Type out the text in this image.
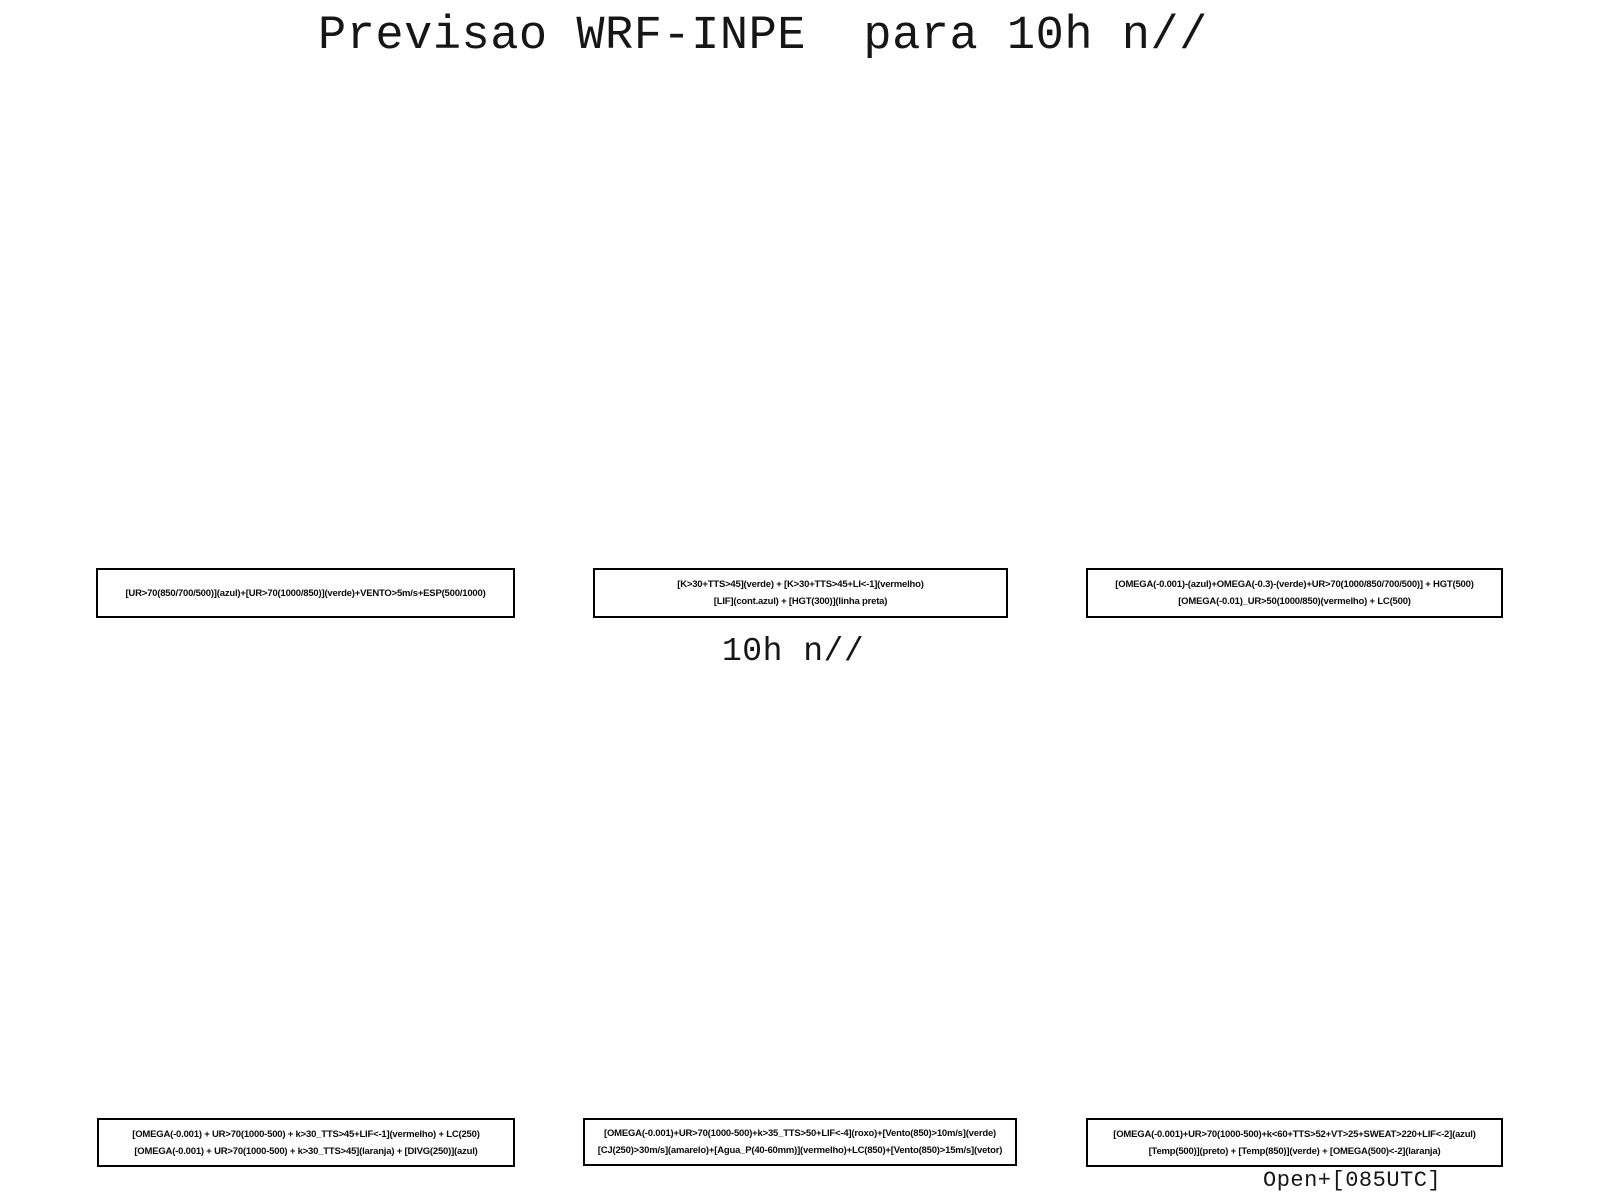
Previsao WRF-INPE  para 10h n//
[UR>70(850/700/500)](azul)+[UR>70(1000/850)](verde)+VENTO>5m/s+ESP(500/1000)
[K>30+TTS>45](verde) + [K>30+TTS>45+LI<-1](vermelho)
[LIF](cont.azul) + [HGT(300)](linha preta)
[OMEGA(-0.001)-(azul)+OMEGA(-0.3)-(verde)+UR>70(1000/850/700/500)] + HGT(500)
[OMEGA(-0.01)_UR>50(1000/850)(vermelho) + LC(500)
10h n//
[OMEGA(-0.001) + UR>70(1000-500) + k>30_TTS>45+LIF<-1](vermelho) + LC(250)
[OMEGA(-0.001) + UR>70(1000-500) + k>30_TTS>45](laranja) + [DIVG(250)](azul)
[OMEGA(-0.001)+UR>70(1000-500)+k>35_TTS>50+LIF<-4](roxo)+[Vento(850)>10m/s](verde)
[CJ(250)>30m/s](amarelo)+[Agua_P(40-60mm)](vermelho)+LC(850)+[Vento(850)>15m/s](vetor)
[OMEGA(-0.001)+UR>70(1000-500)+k<60+TTS>52+VT>25+SWEAT>220+LIF<-2](azul)
[Temp(500)](preto) + [Temp(850)](verde) + [OMEGA(500)<-2](laranja)
Open+[085UTC]
